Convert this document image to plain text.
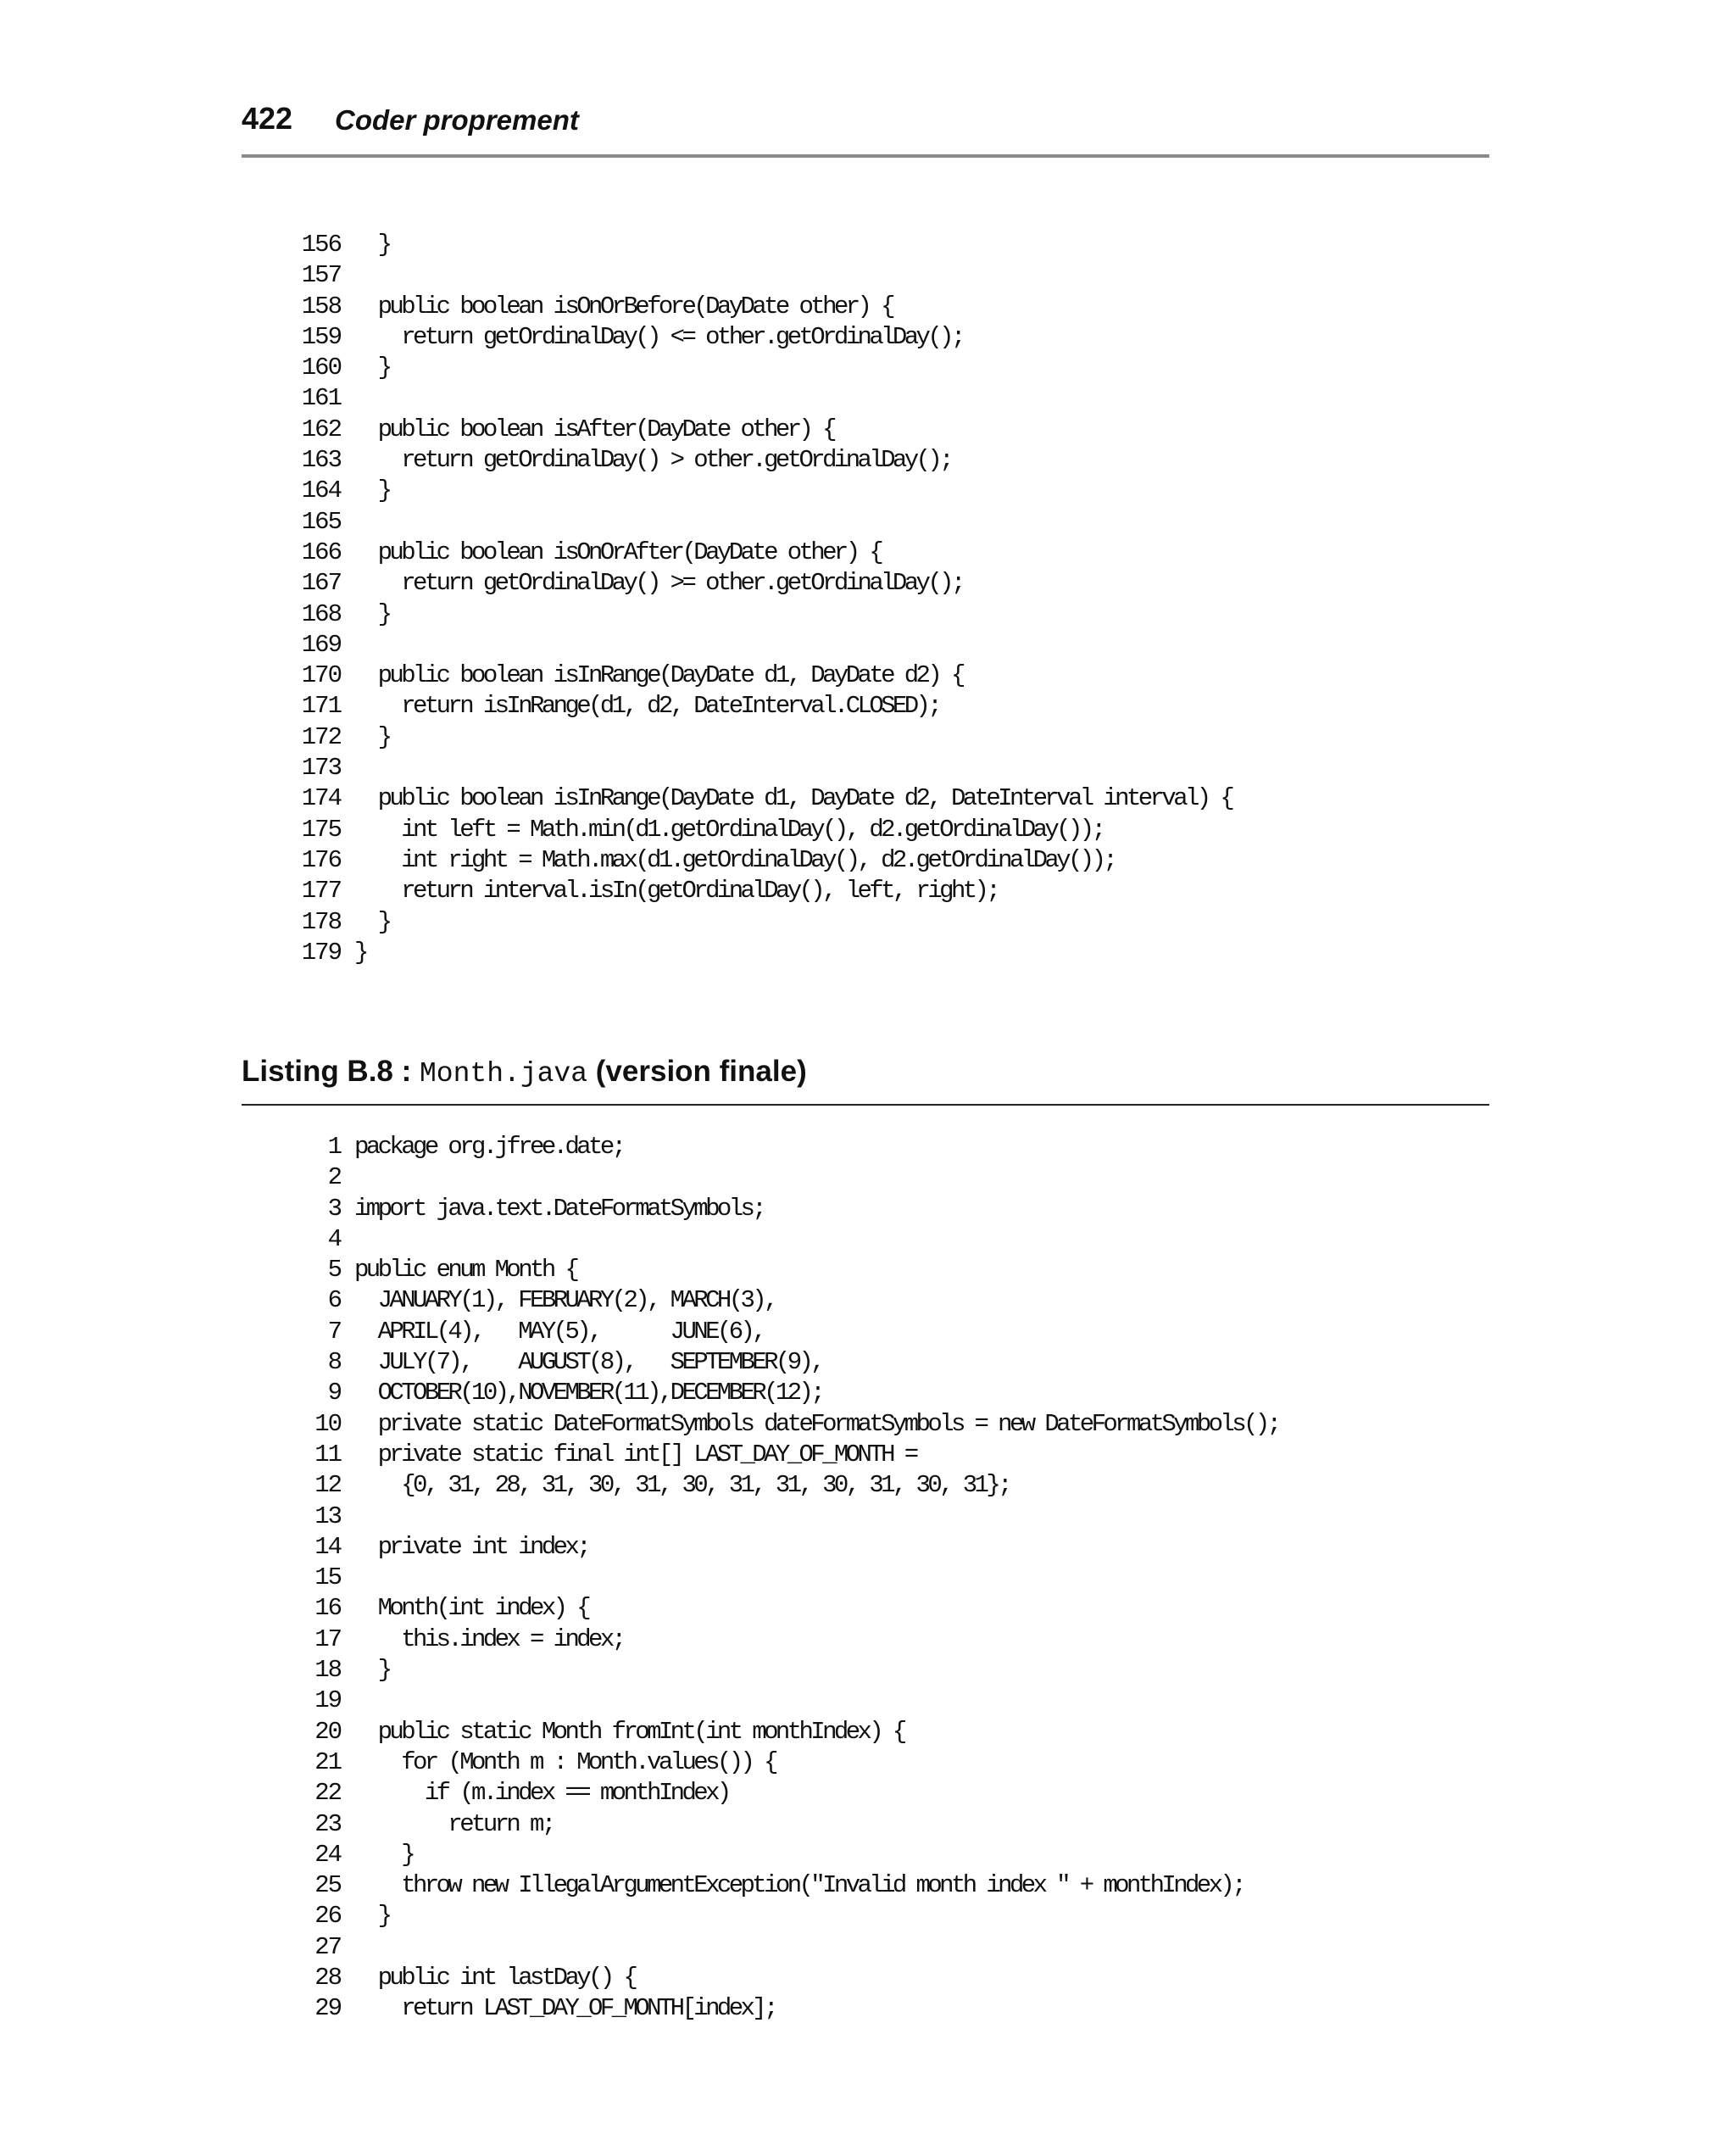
422 Coder proprement
156  }
157
158  public boolean isOnOrBefore(DayDate other) {
159    return getOrdinalDay() <= other.getOrdinalDay();
160  }
161
162  public boolean isAfter(DayDate other) {
163    return getOrdinalDay() > other.getOrdinalDay();
164  }
165
166  public boolean isOnOrAfter(DayDate other) {
167    return getOrdinalDay() >= other.getOrdinalDay();
168  }
169
170  public boolean isInRange(DayDate d1, DayDate d2) {
171    return isInRange(d1, d2, DateInterval.CLOSED);
172  }
173
174  public boolean isInRange(DayDate d1, DayDate d2, DateInterval interval) {
175    int left = Math.min(d1.getOrdinalDay(), d2.getOrdinalDay());
176    int right = Math.max(d1.getOrdinalDay(), d2.getOrdinalDay());
177    return interval.isIn(getOrdinalDay(), left, right);
178  }
179 }
Listing B.8 : Month.java (version finale)
1 package org.jfree.date;
2
3 import java.text.DateFormatSymbols;
4
5 public enum Month {
6  JANUARY(1), FEBRUARY(2), MARCH(3),
7  APRIL(4),   MAY(5),      JUNE(6),
8  JULY(7),    AUGUST(8),   SEPTEMBER(9),
9  OCTOBER(10),NOVEMBER(11),DECEMBER(12);
10  private static DateFormatSymbols dateFormatSymbols = new DateFormatSymbols();
11  private static final int[] LAST_DAY_OF_MONTH =
12    {0, 31, 28, 31, 30, 31, 30, 31, 31, 30, 31, 30, 31};
13
14  private int index;
15
16  Month(int index) {
17    this.index = index;
18  }
19
20  public static Month fromInt(int monthIndex) {
21    for (Month m : Month.values()) {
22      if (m.index == monthIndex)
23        return m;
24    }
25    throw new IllegalArgumentException("Invalid month index " + monthIndex);
26  }
27
28  public int lastDay() {
29    return LAST_DAY_OF_MONTH[index];
